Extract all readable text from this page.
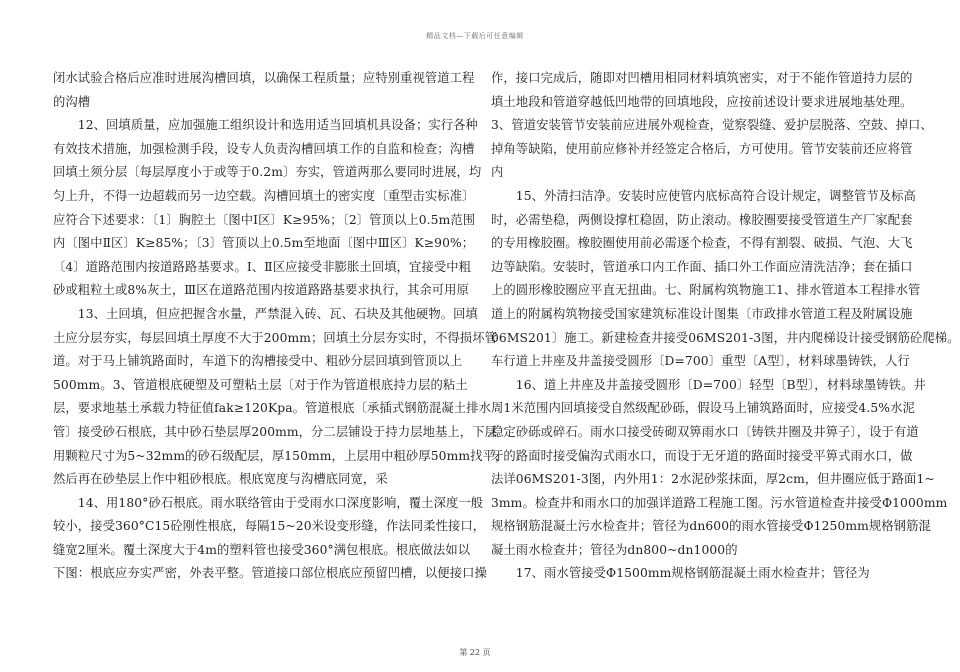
精品文档—下载后可任意编辑
闭水试验合格后应准时进展沟槽回填，以确保工程质量；应特别重视管道工程
的沟槽
　　12、回填质量，应加强施工组织设计和选用适当回填机具设备；实行各种
有效技术措施，加强检测手段，设专人负责沟槽回填工作的自监和检查；沟槽
回填土须分层〔每层厚度小于或等于0.2m〕夯实，管道两那么要同时进展，均
匀上升，不得一边超载而另一边空载。沟槽回填土的密实度〔重型击实标准〕
应符合下述要求：〔1〕胸腔土〔图中Ⅰ区〕K≥95%；〔2〕管顶以上0.5m范围
内〔图中Ⅱ区〕K≥85%；〔3〕管顶以上0.5m至地面〔图中Ⅲ区〕K≥90%；
〔4〕道路范围内按道路路基要求。Ⅰ、Ⅱ区应接受非膨胀土回填，宜接受中粗
砂或粗粒土或8%灰土，Ⅲ区在道路范围内按道路路基要求执行，其余可用原
　　13、土回填，但应把握含水量，严禁混入砖、瓦、石块及其他硬物。回填
土应分层夯实，每层回填土厚度不大于200mm；回填土分层夯实时，不得损坏管
道。对于马上铺筑路面时，车道下的沟槽接受中、粗砂分层回填到管顶以上
500mm。3、管道根底硬塑及可塑粘土层〔对于作为管道根底持力层的粘土
层，要求地基土承载力特征值fak≥120Kpa。管道根底〔承插式钢筋混凝土排水
管〕接受砂石根底，其中砂石垫层厚200mm，分二层铺设于持力层地基上，下层
用颗粒尺寸为5~32mm的砂石级配层，厚150mm，上层用中粗砂厚50mm找平，
然后再在砂垫层上作中粗砂根底。根底宽度与沟槽底同宽，采
　　14、用180°砂石根底。雨水联络管由于受雨水口深度影响，覆土深度一般
较小，接受360°C15砼刚性根底，每隔15~20米设变形缝，作法同柔性接口，
缝宽2厘米。覆土深度大于4m的塑料管也接受360°满包根底。根底做法如以
下图：根底应夯实严密，外表平整。管道接口部位根底应预留凹槽，以便接口操
作，接口完成后，随即对凹槽用相同材料填筑密实，对于不能作管道持力层的
填土地段和管道穿越低凹地带的回填地段，应按前述设计要求进展地基处理。
3、管道安装管节安装前应进展外观检查，觉察裂缝、爱护层脱落、空鼓、掉口、
掉角等缺陷，使用前应修补并经签定合格后，方可使用。管节安装前还应将管
内
　　15、外清扫洁净。安装时应使管内底标高符合设计规定，调整管节及标高
时，必需垫稳，两侧设撑杠稳固，防止滚动。橡胶圈要接受管道生产厂家配套
的专用橡胶圈。橡胶圈使用前必需逐个检查，不得有割裂、破损、气泡、大飞
边等缺陷。安装时，管道承口内工作面、插口外工作面应清洗洁净；套在插口
上的圆形橡胶圈应平直无扭曲。七、附属构筑物施工1、排水管道本工程排水管
道上的附属构筑物接受国家建筑标准设计图集〔市政排水管道工程及附属设施
06MS201〕施工。新建检查井接受06MS201-3图，井内爬梯设计接受钢筋砼爬梯。
车行道上井座及井盖接受圆形〔D=700〕重型〔A型〕，材料球墨铸铁，人行
　　16、道上井座及井盖接受圆形〔D=700〕轻型〔B型〕，材料球墨铸铁。井
周1米范围内回填接受自然级配砂砾，假设马上铺筑路面时，应接受4.5%水泥
稳定砂砾或碎石。雨水口接受砖砌双箅雨水口〔铸铁井圈及井箅子〕，设于有道
牙的路面时接受偏沟式雨水口，而设于无牙道的路面时接受平箅式雨水口，做
法详06MS201-3图，内外用1：2水泥砂浆抹面，厚2cm，但井圈应低于路面1~
3mm。检查井和雨水口的加强详道路工程施工图。污水管道检查井接受Φ1000mm
规格钢筋混凝土污水检查井；管径为dn600的雨水管接受Φ1250mm规格钢筋混
凝土雨水检查井；管径为dn800~dn1000的
　　17、雨水管接受Φ1500mm规格钢筋混凝土雨水检查井；管径为
第 22 页
